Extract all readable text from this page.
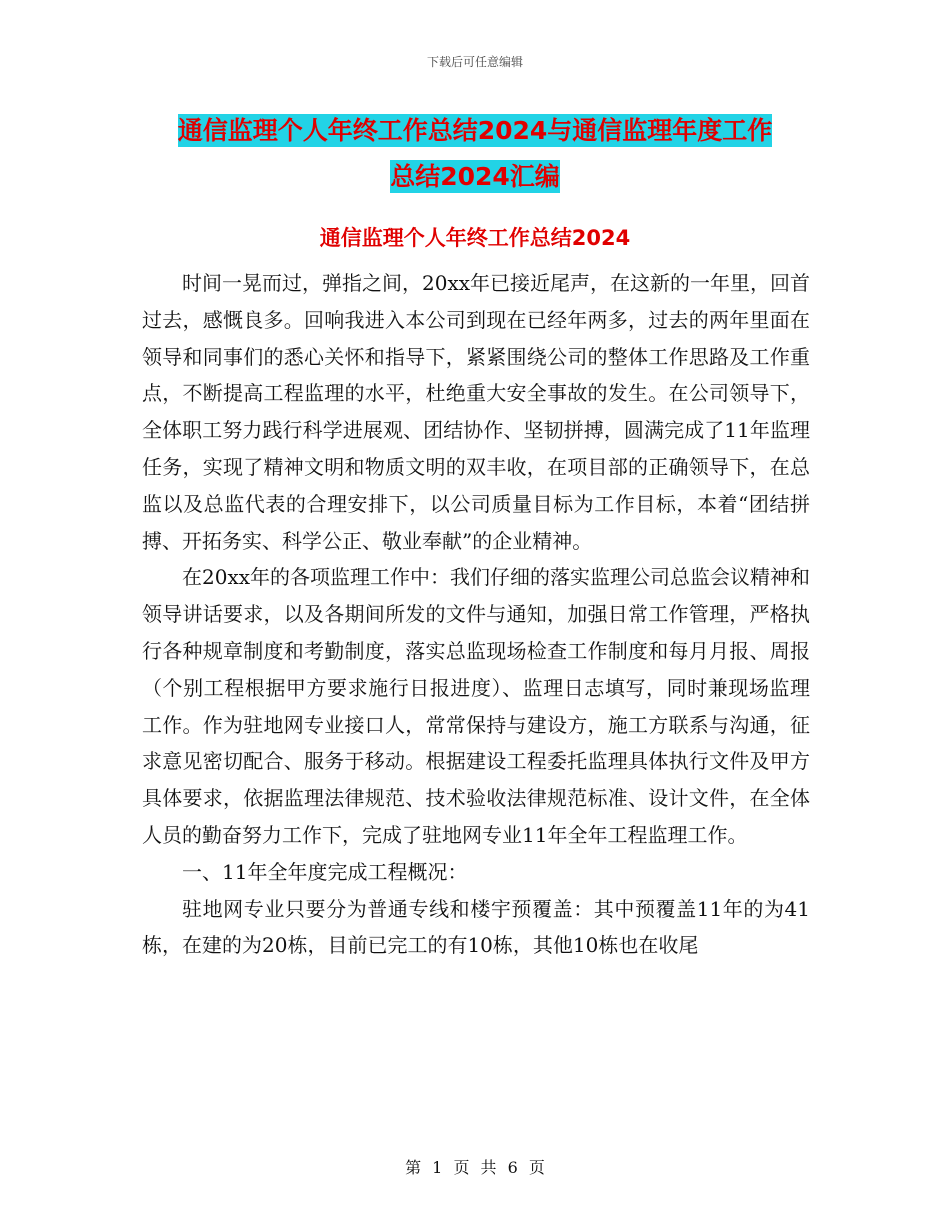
下载后可任意编辑
通信监理个人年终工作总结2024与通信监理年度工作
总结2024汇编
通信监理个人年终工作总结2024

时间一晃而过，弹指之间，20xx年已接近尾声，在这新的一年里，回首过去，感慨良多。回响我进入本公司到现在已经年两多，过去的两年里面在领导和同事们的悉心关怀和指导下，紧紧围绕公司的整体工作思路及工作重点，不断提高工程监理的水平，杜绝重大安全事故的发生。在公司领导下，全体职工努力践行科学进展观、团结协作、坚韧拼搏，圆满完成了11年监理任务，实现了精神文明和物质文明的双丰收，在项目部的正确领导下，在总监以及总监代表的合理安排下，以公司质量目标为工作目标，本着“团结拼搏、开拓务实、科学公正、敬业奉献”的企业精神。

在20xx年的各项监理工作中：我们仔细的落实监理公司总监会议精神和领导讲话要求，以及各期间所发的文件与通知，加强日常工作管理，严格执行各种规章制度和考勤制度，落实总监现场检查工作制度和每月月报、周报（个别工程根据甲方要求施行日报进度）、监理日志填写，同时兼现场监理工作。作为驻地网专业接口人，常常保持与建设方，施工方联系与沟通，征求意见密切配合、服务于移动。根据建设工程委托监理具体执行文件及甲方具体要求，依据监理法律规范、技术验收法律规范标准、设计文件，在全体人员的勤奋努力工作下，完成了驻地网专业11年全年工程监理工作。

一、11年全年度完成工程概况：

驻地网专业只要分为普通专线和楼宇预覆盖：其中预覆盖11年的为41栋，在建的为20栋，目前已完工的有10栋，其他10栋也在收尾

第 1 页 共 6 页
